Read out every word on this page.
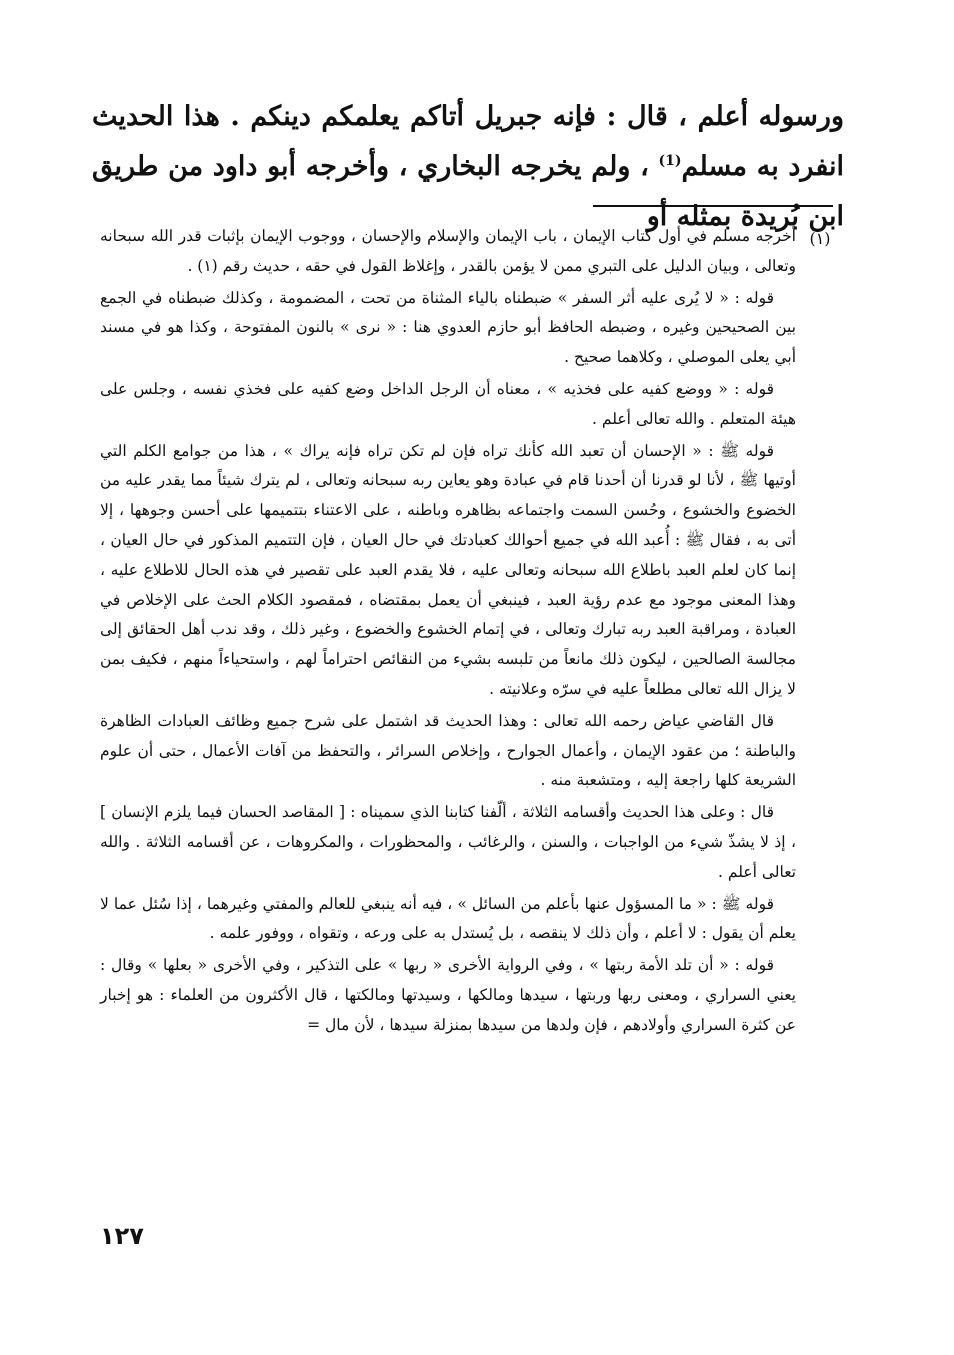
ورسوله أعلم ، قال : فإنه جبريل أتاكم يعلمكم دينكم . هذا الحديث انفرد به مسلم$^{(1)}$ ، ولم يخرجه البخاري ، وأخرجه أبو داود من طريق ابن بُريدة بمثله أو

(١)
أخرجه مسلم في أول كتاب الإيمان ، باب الإيمان والإسلام والإحسان ، ووجوب الإيمان بإثبات قدر الله سبحانه وتعالى ، وبيان الدليل على التبري ممن لا يؤمن بالقدر ، وإغلاظ القول في حقه ، حديث رقم (١) .

قوله : « لا يُرى عليه أثر السفر » ضبطناه بالياء المثناة من تحت ، المضمومة ، وكذلك ضبطناه في الجمع بين الصحيحين وغيره ، وضبطه الحافظ أبو حازم العدوي هنا : « نرى » بالنون المفتوحة ، وكذا هو في مسند أبي يعلى الموصلي ، وكلاهما صحيح .

قوله : « ووضع كفيه على فخذيه » ، معناه أن الرجل الداخل وضع كفيه على فخذي نفسه ، وجلس على هيئة المتعلم . والله تعالى أعلم .

قوله ﷺ : « الإحسان أن تعبد الله كأنك تراه فإن لم تكن تراه فإنه يراك » ، هذا من جوامع الكلم التي أوتيها ﷺ ، لأنا لو قدرنا أن أحدنا قام في عبادة وهو يعاين ربه سبحانه وتعالى ، لم يترك شيئاً مما يقدر عليه من الخضوع والخشوع ، وحُسن السمت واجتماعه بظاهره وباطنه ، على الاعتناء بتتميمها على أحسن وجوهها ، إلا أتى به ، فقال ﷺ : أُعبد الله في جميع أحوالك كعبادتك في حال العيان ، فإن التتميم المذكور في حال العيان ، إنما كان لعلم العبد باطلاع الله سبحانه وتعالى عليه ، فلا يقدم العبد على تقصير في هذه الحال للاطلاع عليه ، وهذا المعنى موجود مع عدم رؤية العبد ، فينبغي أن يعمل بمقتضاه ، فمقصود الكلام الحث على الإخلاص في العبادة ، ومراقبة العبد ربه تبارك وتعالى ، في إتمام الخشوع والخضوع ، وغير ذلك ، وقد ندب أهل الحقائق إلى مجالسة الصالحين ، ليكون ذلك مانعاً من تلبسه بشيء من النقائص احتراماً لهم ، واستحياءاً منهم ، فكيف بمن لا يزال الله تعالى مطلعاً عليه في سرّه وعلانيته .

قال القاضي عياض رحمه الله تعالى : وهذا الحديث قد اشتمل على شرح جميع وظائف العبادات الظاهرة والباطنة ؛ من عقود الإيمان ، وأعمال الجوارح ، وإخلاص السرائر ، والتحفظ من آفات الأعمال ، حتى أن علوم الشريعة كلها راجعة إليه ، ومتشعبة منه .

قال : وعلى هذا الحديث وأقسامه الثلاثة ، ألّفنا كتابنا الذي سميناه : [ المقاصد الحسان فيما يلزم الإنسان ] ، إذ لا يشذّ شيء من الواجبات ، والسنن ، والرغائب ، والمحظورات ، والمكروهات ، عن أقسامه الثلاثة . والله تعالى أعلم .

قوله ﷺ : « ما المسؤول عنها بأعلم من السائل » ، فيه أنه ينبغي للعالم والمفتي وغيرهما ، إذا سُئل عما لا يعلم أن يقول : لا أعلم ، وأن ذلك لا ينقصه ، بل يُستدل به على ورعه ، وتقواه ، ووفور علمه .

قوله : « أن تلد الأمة ربتها » ، وفي الرواية الأخرى « ربها » على التذكير ، وفي الأخرى « بعلها » وقال : يعني السراري ، ومعنى ربها وربتها ، سيدها ومالكها ، وسيدتها ومالكتها ، قال الأكثرون من العلماء : هو إخبار عن كثرة السراري وأولادهم ، فإن ولدها من سيدها بمنزلة سيدها ، لأن مال =

١٢٧
